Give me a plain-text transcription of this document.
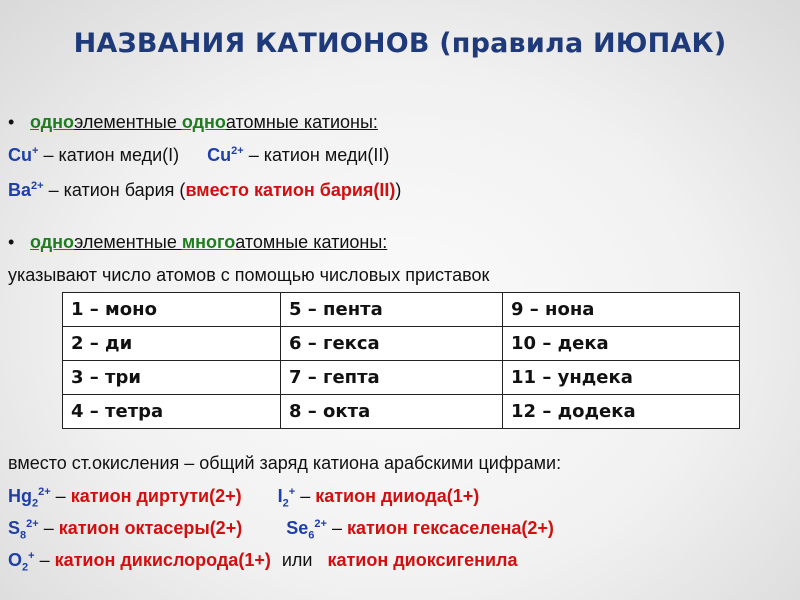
НАЗВАНИЯ КАТИОНОВ (правила ИЮПАК)
• одноэлементные одноатомные катионы:
Cu+ – катион меди(I) $Cu^{2+}$ – катион меди(II)
$Ba^{2+}$ – катион бария (вместо катион бария(II))
• одноэлементные многоатомные катионы:
указывают число атомов с помощью числовых приставок
1 – моно	5 – пента	9 – нона
2 – ди	6 – гекса	10 – дека
3 – три	7 – гепта	11 – ундека
4 – тетра	8 – окта	12 – додека
вместо ст.окисления – общий заряд катиона арабскими цифрами:
$Hg_2^{2+}$ – катион диртути(2+) $I_2^+$ – катион дииода(1+)
$S_8^{2+}$ – катион октасеры(2+) $Se_6^{2+}$ – катион гексаселена(2+)
$O_2^+$ – катион дикислорода(1+) или катион диоксигенила
